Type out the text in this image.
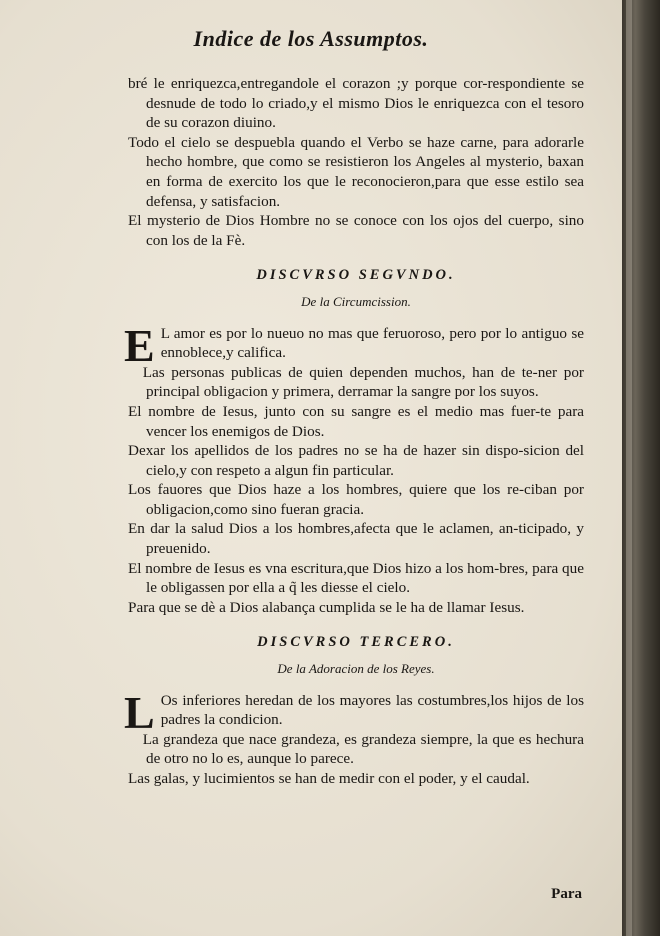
Indice de los Assumptos.

bré le enriquezca,entregandole el corazon ;y porque cor-respondiente se desnude de todo lo criado,y el mismo Dios le enriquezca con el tesoro de su corazon diuino.

Todo el cielo se despuebla quando el Verbo se haze carne, para adorarle hecho hombre, que como se resistieron los Angeles al mysterio, baxan en forma de exercito los que le reconocieron,para que esse estilo sea defensa, y satisfacion.

El mysterio de Dios Hombre no se conoce con los ojos del cuerpo, sino con los de la Fè.

DISCVRSO SEGVNDO.
De la Circumcission.
E L amor es por lo nueuo no mas que feruoroso, pero por lo antiguo se ennoblece,y califica.

Las personas publicas de quien dependen muchos, han de te-ner por principal obligacion y primera, derramar la sangre por los suyos.

El nombre de Iesus, junto con su sangre es el medio mas fuer-te para vencer los enemigos de Dios.

Dexar los apellidos de los padres no se ha de hazer sin dispo-sicion del cielo,y con respeto a algun fin particular.

Los fauores que Dios haze a los hombres, quiere que los re-ciban por obligacion,como sino fueran gracia.

En dar la salud Dios a los hombres,afecta que le aclamen, an-ticipado, y preuenido.

El nombre de Iesus es vna escritura,que Dios hizo a los hom-bres, para que le obligassen por ella a q̃ les diesse el cielo.

Para que se dè a Dios alabança cumplida se le ha de llamar Iesus.

DISCVRSO TERCERO.
De la Adoracion de los Reyes.
L Os inferiores heredan de los mayores las costumbres,los hijos de los padres la condicion.

La grandeza que nace grandeza, es grandeza siempre, la que es hechura de otro no lo es, aunque lo parece.

Las galas, y lucimientos se han de medir con el poder, y el caudal.

Para
